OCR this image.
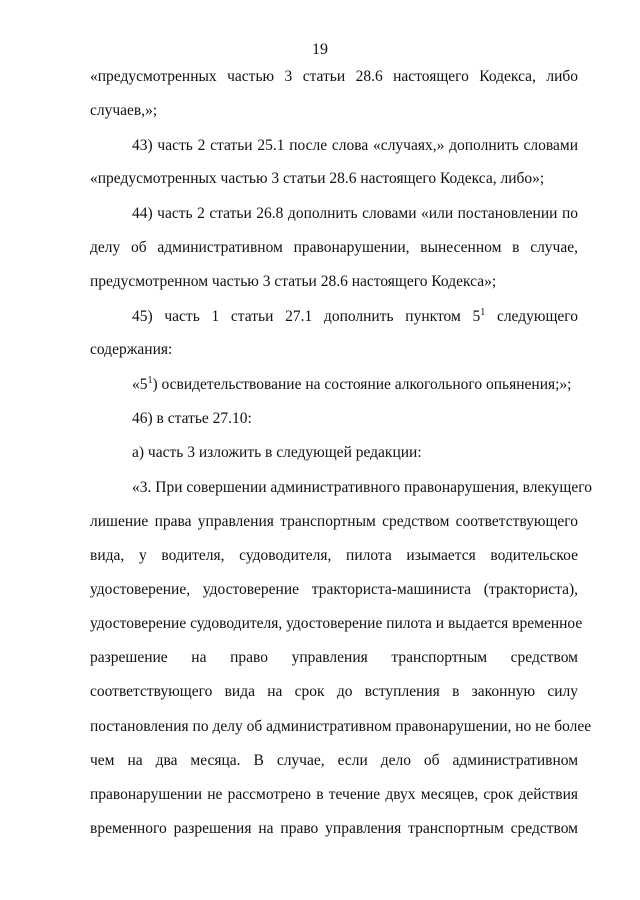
19
«предусмотренных частью 3 статьи 28.6 настоящего Кодекса, либо
случаев,»;
43) часть 2 статьи 25.1 после слова «случаях,» дополнить словами
«предусмотренных частью 3 статьи 28.6 настоящего Кодекса, либо»;
44) часть 2 статьи 26.8 дополнить словами «или постановлении по
делу об административном правонарушении, вынесенном в случае,
предусмотренном частью 3 статьи 28.6 настоящего Кодекса»;
45) часть 1 статьи 27.1 дополнить пунктом $5^1$ следующего
содержания:
«$5^1$) освидетельствование на состояние алкогольного опьянения;»;
46) в статье 27.10:
а) часть 3 изложить в следующей редакции:
«3. При совершении административного правонарушения, влекущего
лишение права управления транспортным средством соответствующего
вида, у водителя, судоводителя, пилота изымается водительское
удостоверение, удостоверение тракториста-машиниста (тракториста),
удостоверение судоводителя, удостоверение пилота и выдается временное
разрешение на право управления транспортным средством
соответствующего вида на срок до вступления в законную силу
постановления по делу об административном правонарушении, но не более
чем на два месяца. В случае, если дело об административном
правонарушении не рассмотрено в течение двух месяцев, срок действия
временного разрешения на право управления транспортным средством
